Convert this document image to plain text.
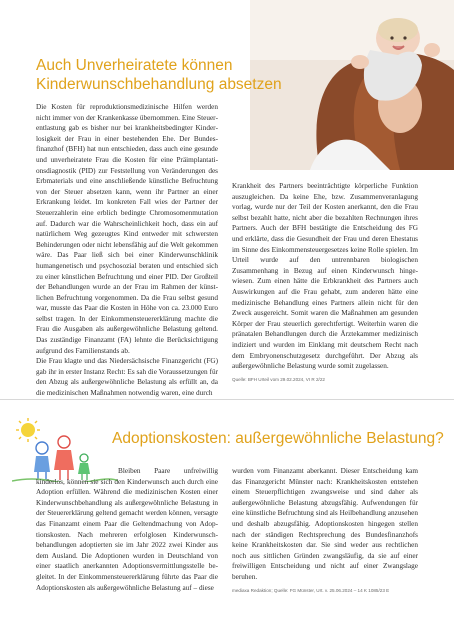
Auch Unverheiratete können
Kinderwunschbehandlung absetzen

Die Kosten für reproduktionsmedizinische Hilfen werden nicht immer von der Krankenkasse übernommen. Eine Steuerentlastung gab es bisher nur bei krankheitsbedingter Kinderlosigkeit der Frau in einer bestehenden Ehe. Der Bundesfinanzhof (BFH) hat nun entschieden, dass auch eine gesunde und unverheiratete Frau die Kosten für eine Präimplantationsdiagnostik (PID) zur Feststellung von Veränderungen des Erbmaterials und eine anschließende künstliche Befruchtung von der Steuer absetzen kann, wenn ihr Partner an einer Erkrankung leidet. Im konkreten Fall wies der Partner der Steuerzahlerin eine erblich bedingte Chromosomenmutation auf. Dadurch war die Wahrscheinlichkeit hoch, dass ein auf natürlichem Weg gezeugtes Kind entweder mit schwersten Behinderungen oder nicht lebensfähig auf die Welt gekommen wäre. Das Paar ließ sich bei einer Kinderwunschklinik humangenetisch und psychosozial beraten und entschied sich zu einer künstlichen Befruchtung und einer PID. Der Großteil der Behandlungen wurde an der Frau im Rahmen der künstlichen Befruchtung vorgenommen. Da die Frau selbst gesund war, musste das Paar die Kosten in Höhe von ca. 23.000 Euro selbst tragen. In der Einkommensteuererklärung machte die Frau die Ausgaben als außergewöhnliche Belastung geltend. Das zuständige Finanzamt (FA) lehnte die Berücksichtigung aufgrund des Familienstands ab.

Die Frau klagte und das Niedersächsische Finanzgericht (FG) gab ihr in erster Instanz Recht: Es sah die Voraussetzungen für den Abzug als außergewöhnliche Belastung als erfüllt an, da die medizinischen Maßnahmen notwendig waren, eine durch

Krankheit des Partners beeinträchtigte körperliche Funktion auszugleichen. Da keine Ehe, bzw. Zusammenveranlagung vorlag, wurde nur der Teil der Kosten anerkannt, den die Frau selbst bezahlt hatte, nicht aber die bezahlten Rechnungen ihres Partners. Auch der BFH bestätigte die Entscheidung des FG und erklärte, dass die Gesundheit der Frau und deren Ehestatus im Sinne des Einkommensteuergesetzes keine Rolle spielen. Im Urteil wurde auf den untrennbaren biologischen Zusammenhang in Bezug auf einen Kinderwunsch hingewiesen. Zum einen hätte die Erbkrankheit des Partners auch Auswirkungen auf die Frau gehabt, zum anderen hätte eine medizinische Behandlung eines Partners allein nicht für den Zweck ausgereicht. Somit waren die Maßnahmen am gesunden Körper der Frau steuerlich gerechtfertigt. Weiterhin waren die pränatalen Behandlungen durch die Ärztekammer medizinisch indiziert und wurden im Einklang mit deutschem Recht nach dem Embryonenschutzgesetz durchgeführt. Der Abzug als außergewöhnliche Belastung wurde somit zugelassen.

Quelle: BFH Urteil vom 29.02.2024, VI R 2/22
Adoptionskosten: außergewöhnliche Belastung?

Bleiben Paare unfreiwillig kinderlos, können sie sich den Kinderwunsch auch durch eine Adoption erfüllen. Während die medizinischen Kosten einer Kinderwunschbehandlung als außergewöhnliche Belastung in der Steuererklärung geltend gemacht werden können, versagte das Finanzamt einem Paar die Geltendmachung von Adoptionskosten. Nach mehreren erfolglosen Kinderwunschbehandlungen adoptierten sie im Jahr 2022 zwei Kinder aus dem Ausland. Die Adoptionen wurden in Deutschland von einer staatlich anerkannten Adoptionsvermittlungsstelle begleitet. In der Einkommensteuererklärung führte das Paar die Adoptionskosten als außergewöhnliche Belastung auf – diese

wurden vom Finanzamt aberkannt. Dieser Entscheidung kam das Finanzgericht Münster nach: Krankheitskosten entstehen einem Steuerpflichtigen zwangsweise und sind daher als außergewöhnliche Belastung abzugsfähig. Aufwendungen für eine künstliche Befruchtung sind als Heilbehandlung anzusehen und deshalb abzugsfähig. Adoptionskosten hingegen stellen nach der ständigen Rechtsprechung des Bundesfinanzhofs keine Krankheitskosten dar. Sie sind weder aus rechtlichen noch aus sittlichen Gründen zwangsläufig, da sie auf einer freiwilligen Entscheidung und nicht auf einer Zwangslage beruhen.

mediaxa Redaktion; Quelle: FG Münster, Urt. v. 25.06.2024 – 14 K 1085/23 E
